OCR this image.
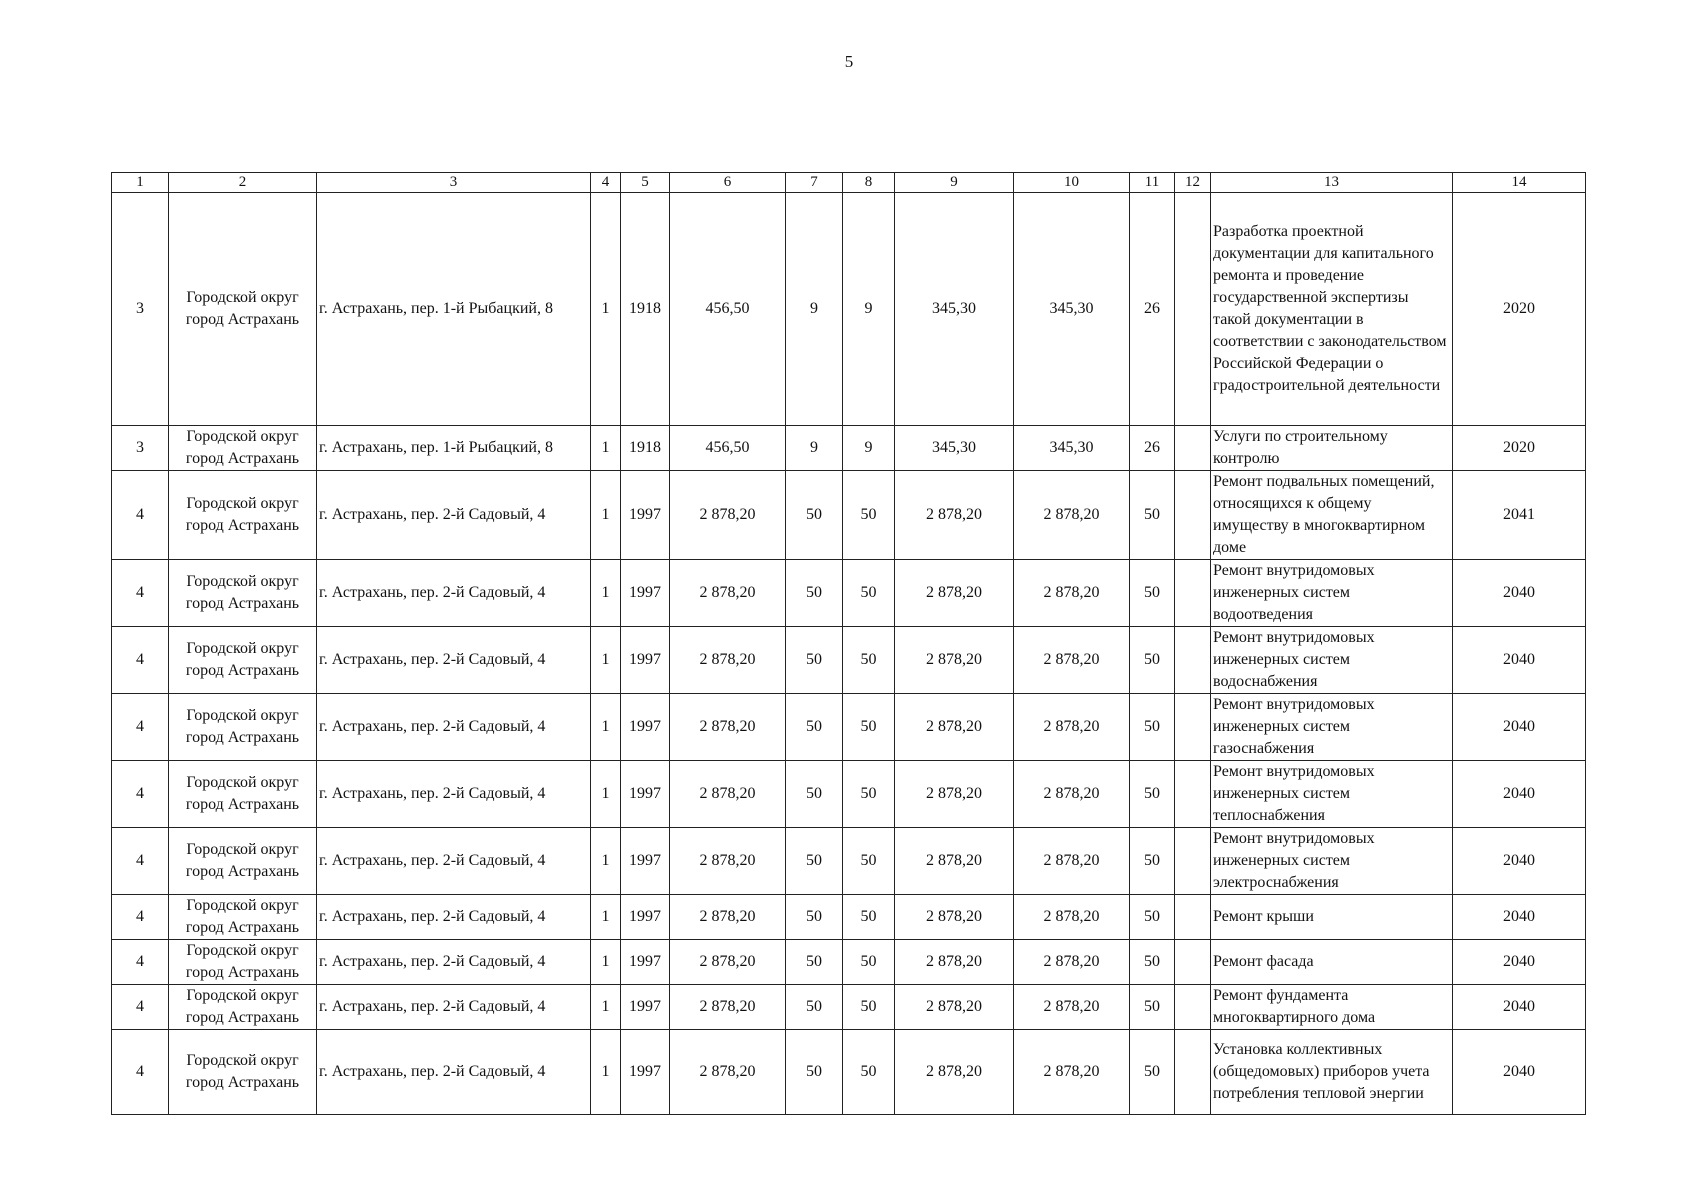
5
1	2	3	4	5	6	7	8	9	10	11	12	13	14
3	Городской округ город Астрахань	г. Астрахань, пер. 1-й Рыбацкий, 8	1	1918	456,50	9	9	345,30	345,30	26		Разработка проектной документации для капитального ремонта и проведение государственной экспертизы такой документации в соответствии с законодательством Российской Федерации о градостроительной деятельности	2020
3	Городской округ город Астрахань	г. Астрахань, пер. 1-й Рыбацкий, 8	1	1918	456,50	9	9	345,30	345,30	26		Услуги по строительному контролю	2020
4	Городской округ город Астрахань	г. Астрахань, пер. 2-й Садовый, 4	1	1997	2 878,20	50	50	2 878,20	2 878,20	50		Ремонт подвальных помещений, относящихся к общему имуществу в многоквартирном доме	2041
4	Городской округ город Астрахань	г. Астрахань, пер. 2-й Садовый, 4	1	1997	2 878,20	50	50	2 878,20	2 878,20	50		Ремонт внутридомовых инженерных систем водоотведения	2040
4	Городской округ город Астрахань	г. Астрахань, пер. 2-й Садовый, 4	1	1997	2 878,20	50	50	2 878,20	2 878,20	50		Ремонт внутридомовых инженерных систем водоснабжения	2040
4	Городской округ город Астрахань	г. Астрахань, пер. 2-й Садовый, 4	1	1997	2 878,20	50	50	2 878,20	2 878,20	50		Ремонт внутридомовых инженерных систем газоснабжения	2040
4	Городской округ город Астрахань	г. Астрахань, пер. 2-й Садовый, 4	1	1997	2 878,20	50	50	2 878,20	2 878,20	50		Ремонт внутридомовых инженерных систем теплоснабжения	2040
4	Городской округ город Астрахань	г. Астрахань, пер. 2-й Садовый, 4	1	1997	2 878,20	50	50	2 878,20	2 878,20	50		Ремонт внутридомовых инженерных систем электроснабжения	2040
4	Городской округ город Астрахань	г. Астрахань, пер. 2-й Садовый, 4	1	1997	2 878,20	50	50	2 878,20	2 878,20	50		Ремонт крыши	2040
4	Городской округ город Астрахань	г. Астрахань, пер. 2-й Садовый, 4	1	1997	2 878,20	50	50	2 878,20	2 878,20	50		Ремонт фасада	2040
4	Городской округ город Астрахань	г. Астрахань, пер. 2-й Садовый, 4	1	1997	2 878,20	50	50	2 878,20	2 878,20	50		Ремонт фундамента многоквартирного дома	2040
4	Городской округ город Астрахань	г. Астрахань, пер. 2-й Садовый, 4	1	1997	2 878,20	50	50	2 878,20	2 878,20	50		Установка коллективных (общедомовых) приборов учета потребления тепловой энергии	2040
